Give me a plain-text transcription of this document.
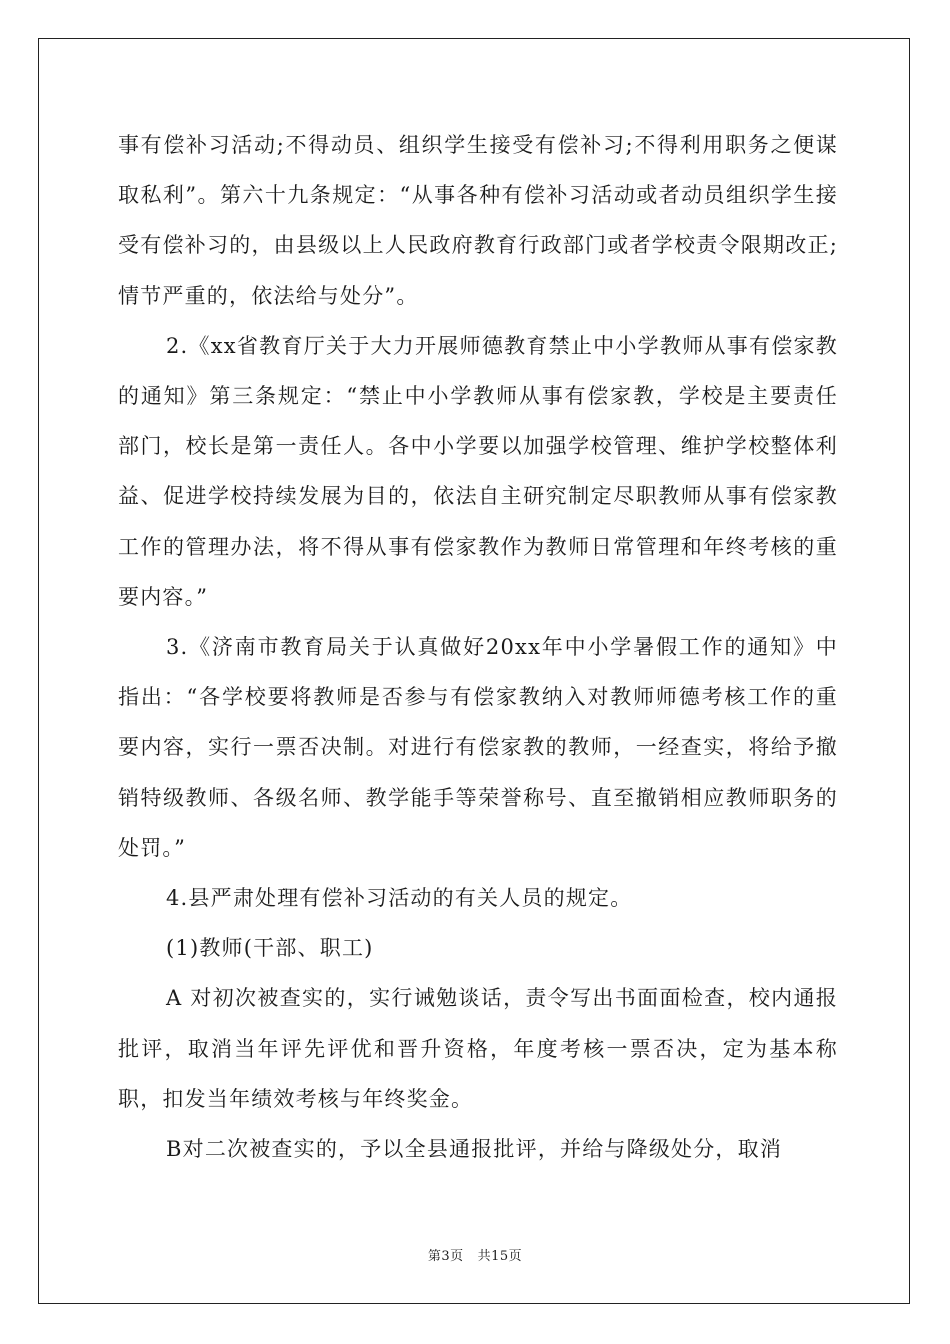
事有偿补习活动;不得动员、组织学生接受有偿补习;不得利用职务之便谋取私利”。第六十九条规定：“从事各种有偿补习活动或者动员组织学生接受有偿补习的，由县级以上人民政府教育行政部门或者学校责令限期改正;情节严重的，依法给与处分”。

2.《xx省教育厅关于大力开展师德教育禁止中小学教师从事有偿家教的通知》第三条规定：“禁止中小学教师从事有偿家教，学校是主要责任部门，校长是第一责任人。各中小学要以加强学校管理、维护学校整体利益、促进学校持续发展为目的，依法自主研究制定尽职教师从事有偿家教工作的管理办法，将不得从事有偿家教作为教师日常管理和年终考核的重要内容。”

3.《济南市教育局关于认真做好20xx年中小学暑假工作的通知》中指出：“各学校要将教师是否参与有偿家教纳入对教师师德考核工作的重要内容，实行一票否决制。对进行有偿家教的教师，一经查实，将给予撤销特级教师、各级名师、教学能手等荣誉称号、直至撤销相应教师职务的处罚。”

4.县严肃处理有偿补习活动的有关人员的规定。

(1)教师(干部、职工)

A 对初次被查实的，实行诫勉谈话，责令写出书面面检查，校内通报批评，取消当年评先评优和晋升资格，年度考核一票否决，定为基本称职，扣发当年绩效考核与年终奖金。

B对二次被查实的，予以全县通报批评，并给与降级处分，取消

第3页 共15页
